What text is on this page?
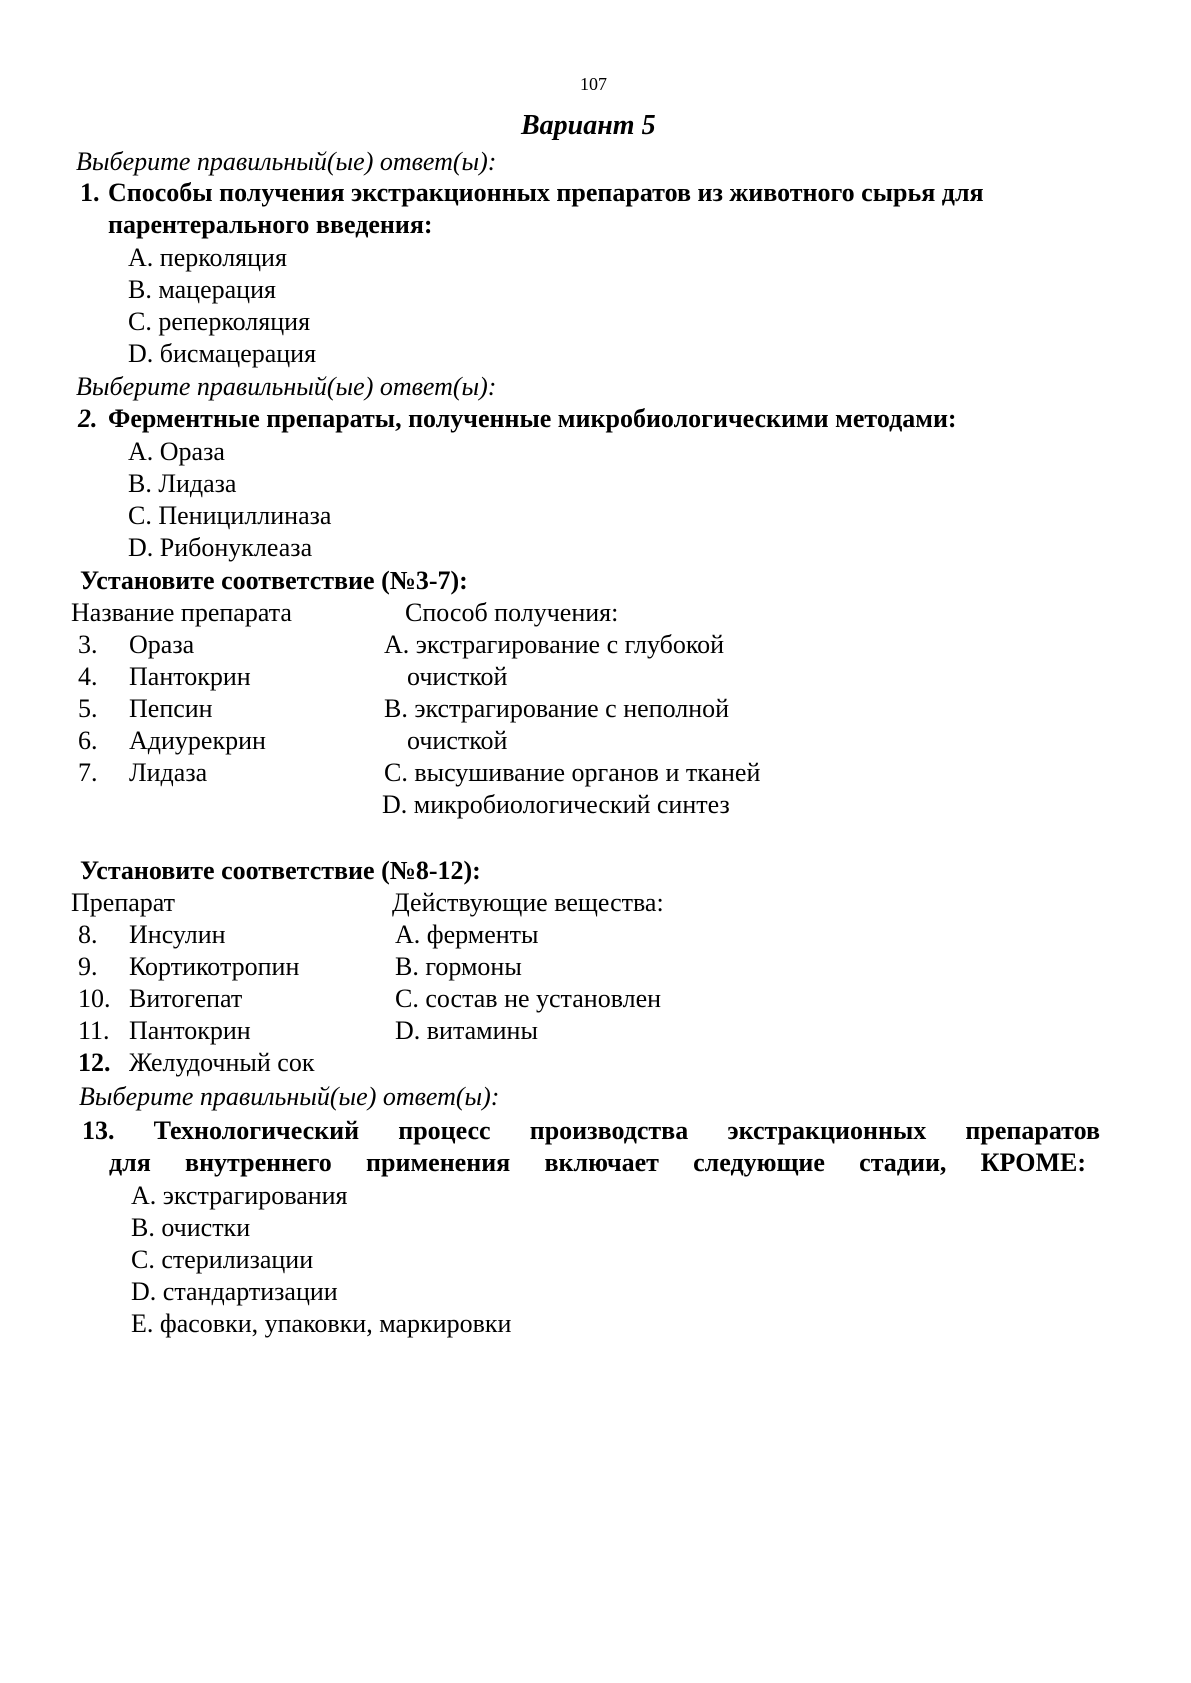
107
Вариант 5
Выберите правильный(ые) ответ(ы):
1. Способы получения экстракционных препаратов из животного сырья для
парентерального введения:
A. перколяция
B. мацерация
C. реперколяция
D. бисмацерация
Выберите правильный(ые) ответ(ы):
2. Ферментные препараты, полученные микробиологическими методами:
A. Ораза
B. Лидаза
C. Пенициллиназа
D. Рибонуклеаза
Установите соответствие (№3-7):
Название препарата	Способ получения:
3. Ораза
4. Пантокрин
5. Пепсин
6. Адиурекрин
7. Лидаза
A. экстрагирование с глубокой
очисткой
B. экстрагирование с неполной
очисткой
C. высушивание органов и тканей
D. микробиологический синтез
Установите соответствие (№8-12):
Препарат	Действующие вещества:
8. Инсулин
9. Кортикотропин
10. Витогепат
11. Пантокрин
12. Желудочный сок
A. ферменты
B. гормоны
C. состав не установлен
D. витамины
Выберите правильный(ые) ответ(ы):
13. Технологический процесс производства экстракционных препаратов
для внутреннего применения включает следующие стадии, КРОМЕ:
A. экстрагирования
B. очистки
C. стерилизации
D. стандартизации
E. фасовки, упаковки, маркировки
